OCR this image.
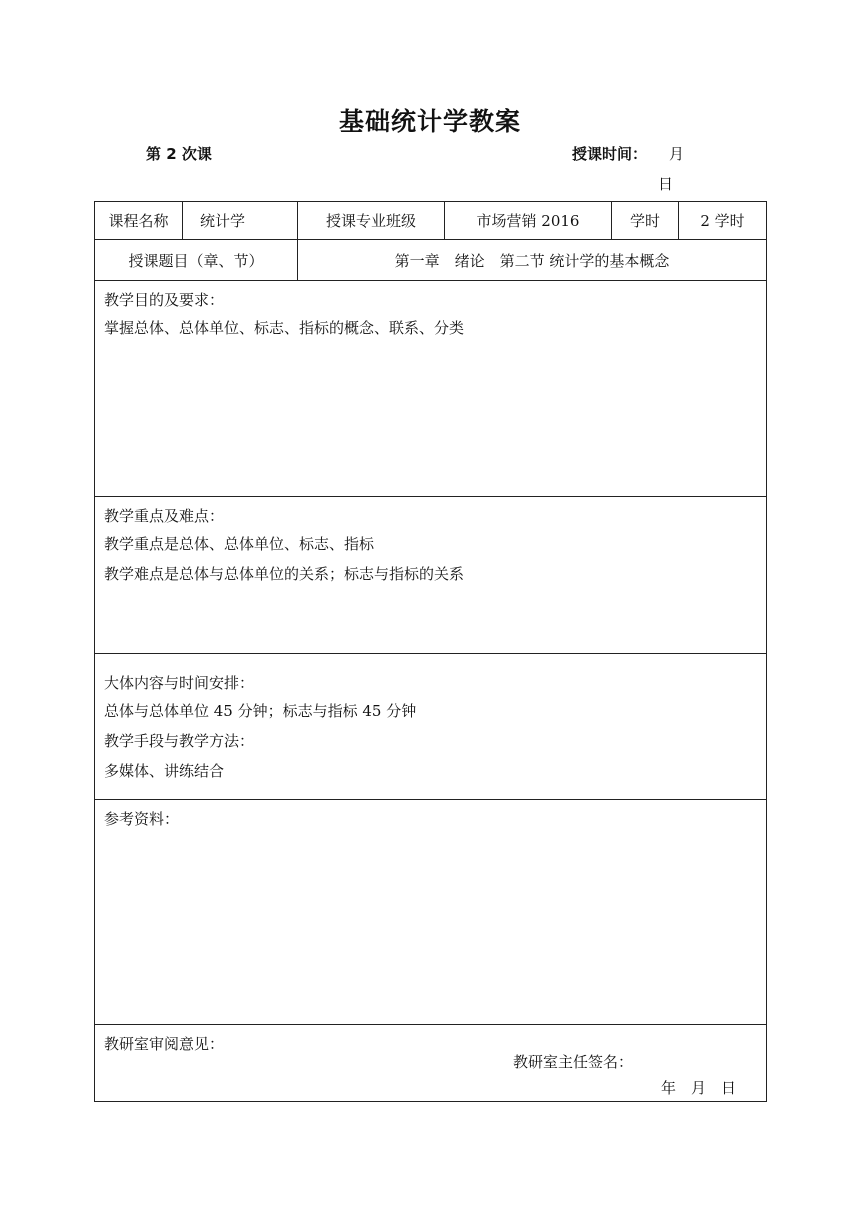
基础统计学教案
第 2 次课	授课时间： 月
日
课程名称	统计学	授课专业班级	市场营销 2016	学时	2 学时
授课题目（章、节）		第一章　绪论　第二节 统计学的基本概念			

教学目的及要求：
掌握总体、总体单位、标志、指标的概念、联系、分类					

教学重点及难点：
教学重点是总体、总体单位、标志、指标
教学难点是总体与总体单位的关系；标志与指标的关系					

大体内容与时间安排：
总体与总体单位 45 分钟；标志与指标 45 分钟
教学手段与教学方法：
多媒体、讲练结合					

参考资料：					

教研室审阅意见：
教研室主任签名：
年 月 日					
